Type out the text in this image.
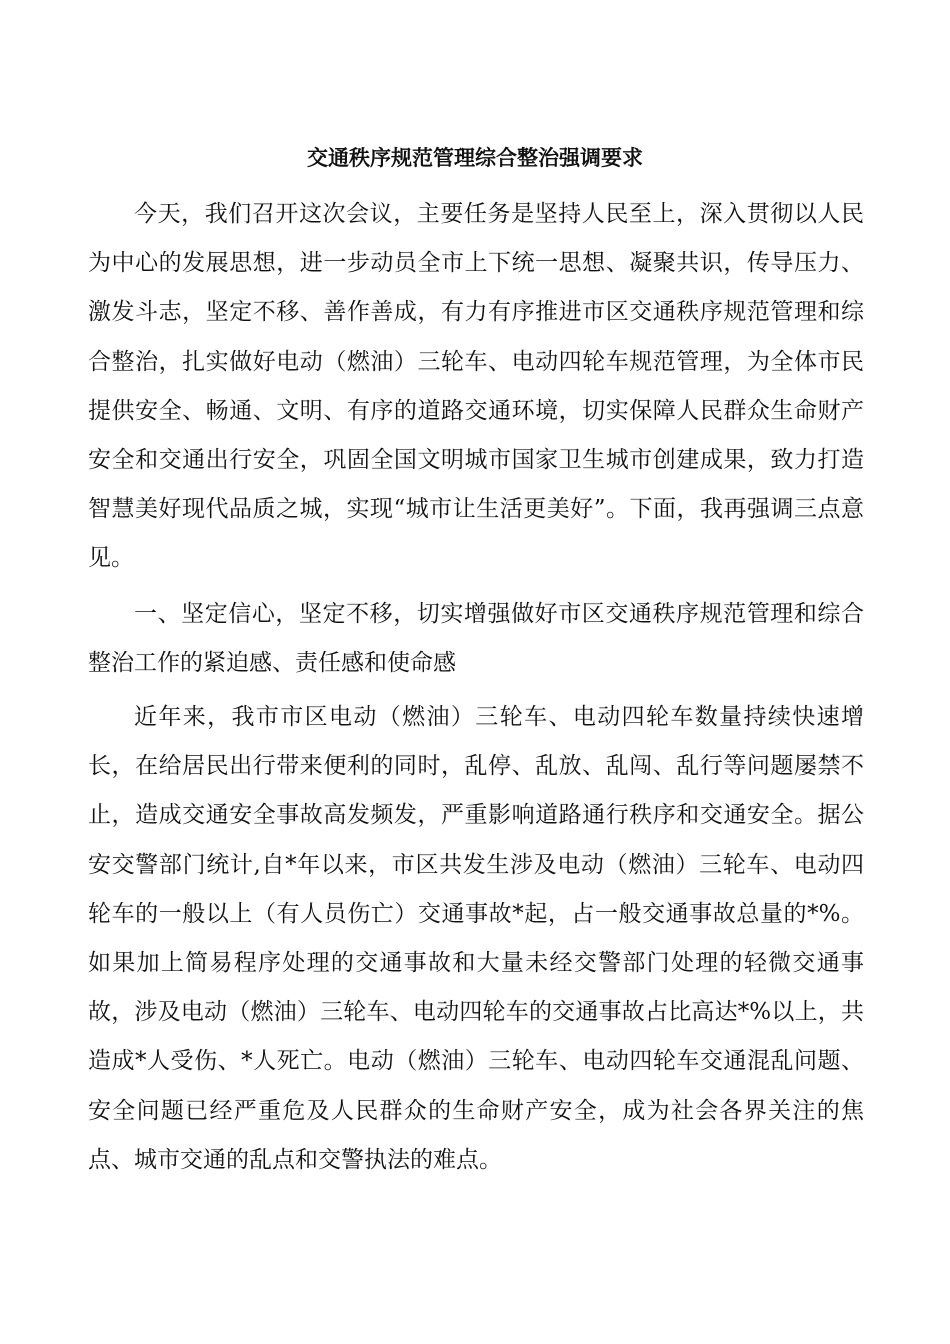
交通秩序规范管理综合整治强调要求

今天，我们召开这次会议，主要任务是坚持人民至上，深入贯彻以人民为中心的发展思想，进一步动员全市上下统一思想、凝聚共识，传导压力、激发斗志，坚定不移、善作善成，有力有序推进市区交通秩序规范管理和综合整治，扎实做好电动（燃油）三轮车、电动四轮车规范管理，为全体市民提供安全、畅通、文明、有序的道路交通环境，切实保障人民群众生命财产安全和交通出行安全，巩固全国文明城市国家卫生城市创建成果，致力打造智慧美好现代品质之城，实现“城市让生活更美好”。下面，我再强调三点意见。

一、坚定信心，坚定不移，切实增强做好市区交通秩序规范管理和综合整治工作的紧迫感、责任感和使命感

近年来，我市市区电动（燃油）三轮车、电动四轮车数量持续快速增长，在给居民出行带来便利的同时，乱停、乱放、乱闯、乱行等问题屡禁不止，造成交通安全事故高发频发，严重影响道路通行秩序和交通安全。据公安交警部门统计,自*年以来，市区共发生涉及电动（燃油）三轮车、电动四轮车的一般以上（有人员伤亡）交通事故*起，占一般交通事故总量的*%。如果加上简易程序处理的交通事故和大量未经交警部门处理的轻微交通事故，涉及电动（燃油）三轮车、电动四轮车的交通事故占比高达*%以上，共造成*人受伤、*人死亡。电动（燃油）三轮车、电动四轮车交通混乱问题、安全问题已经严重危及人民群众的生命财产安全，成为社会各界关注的焦点、城市交通的乱点和交警执法的难点。
